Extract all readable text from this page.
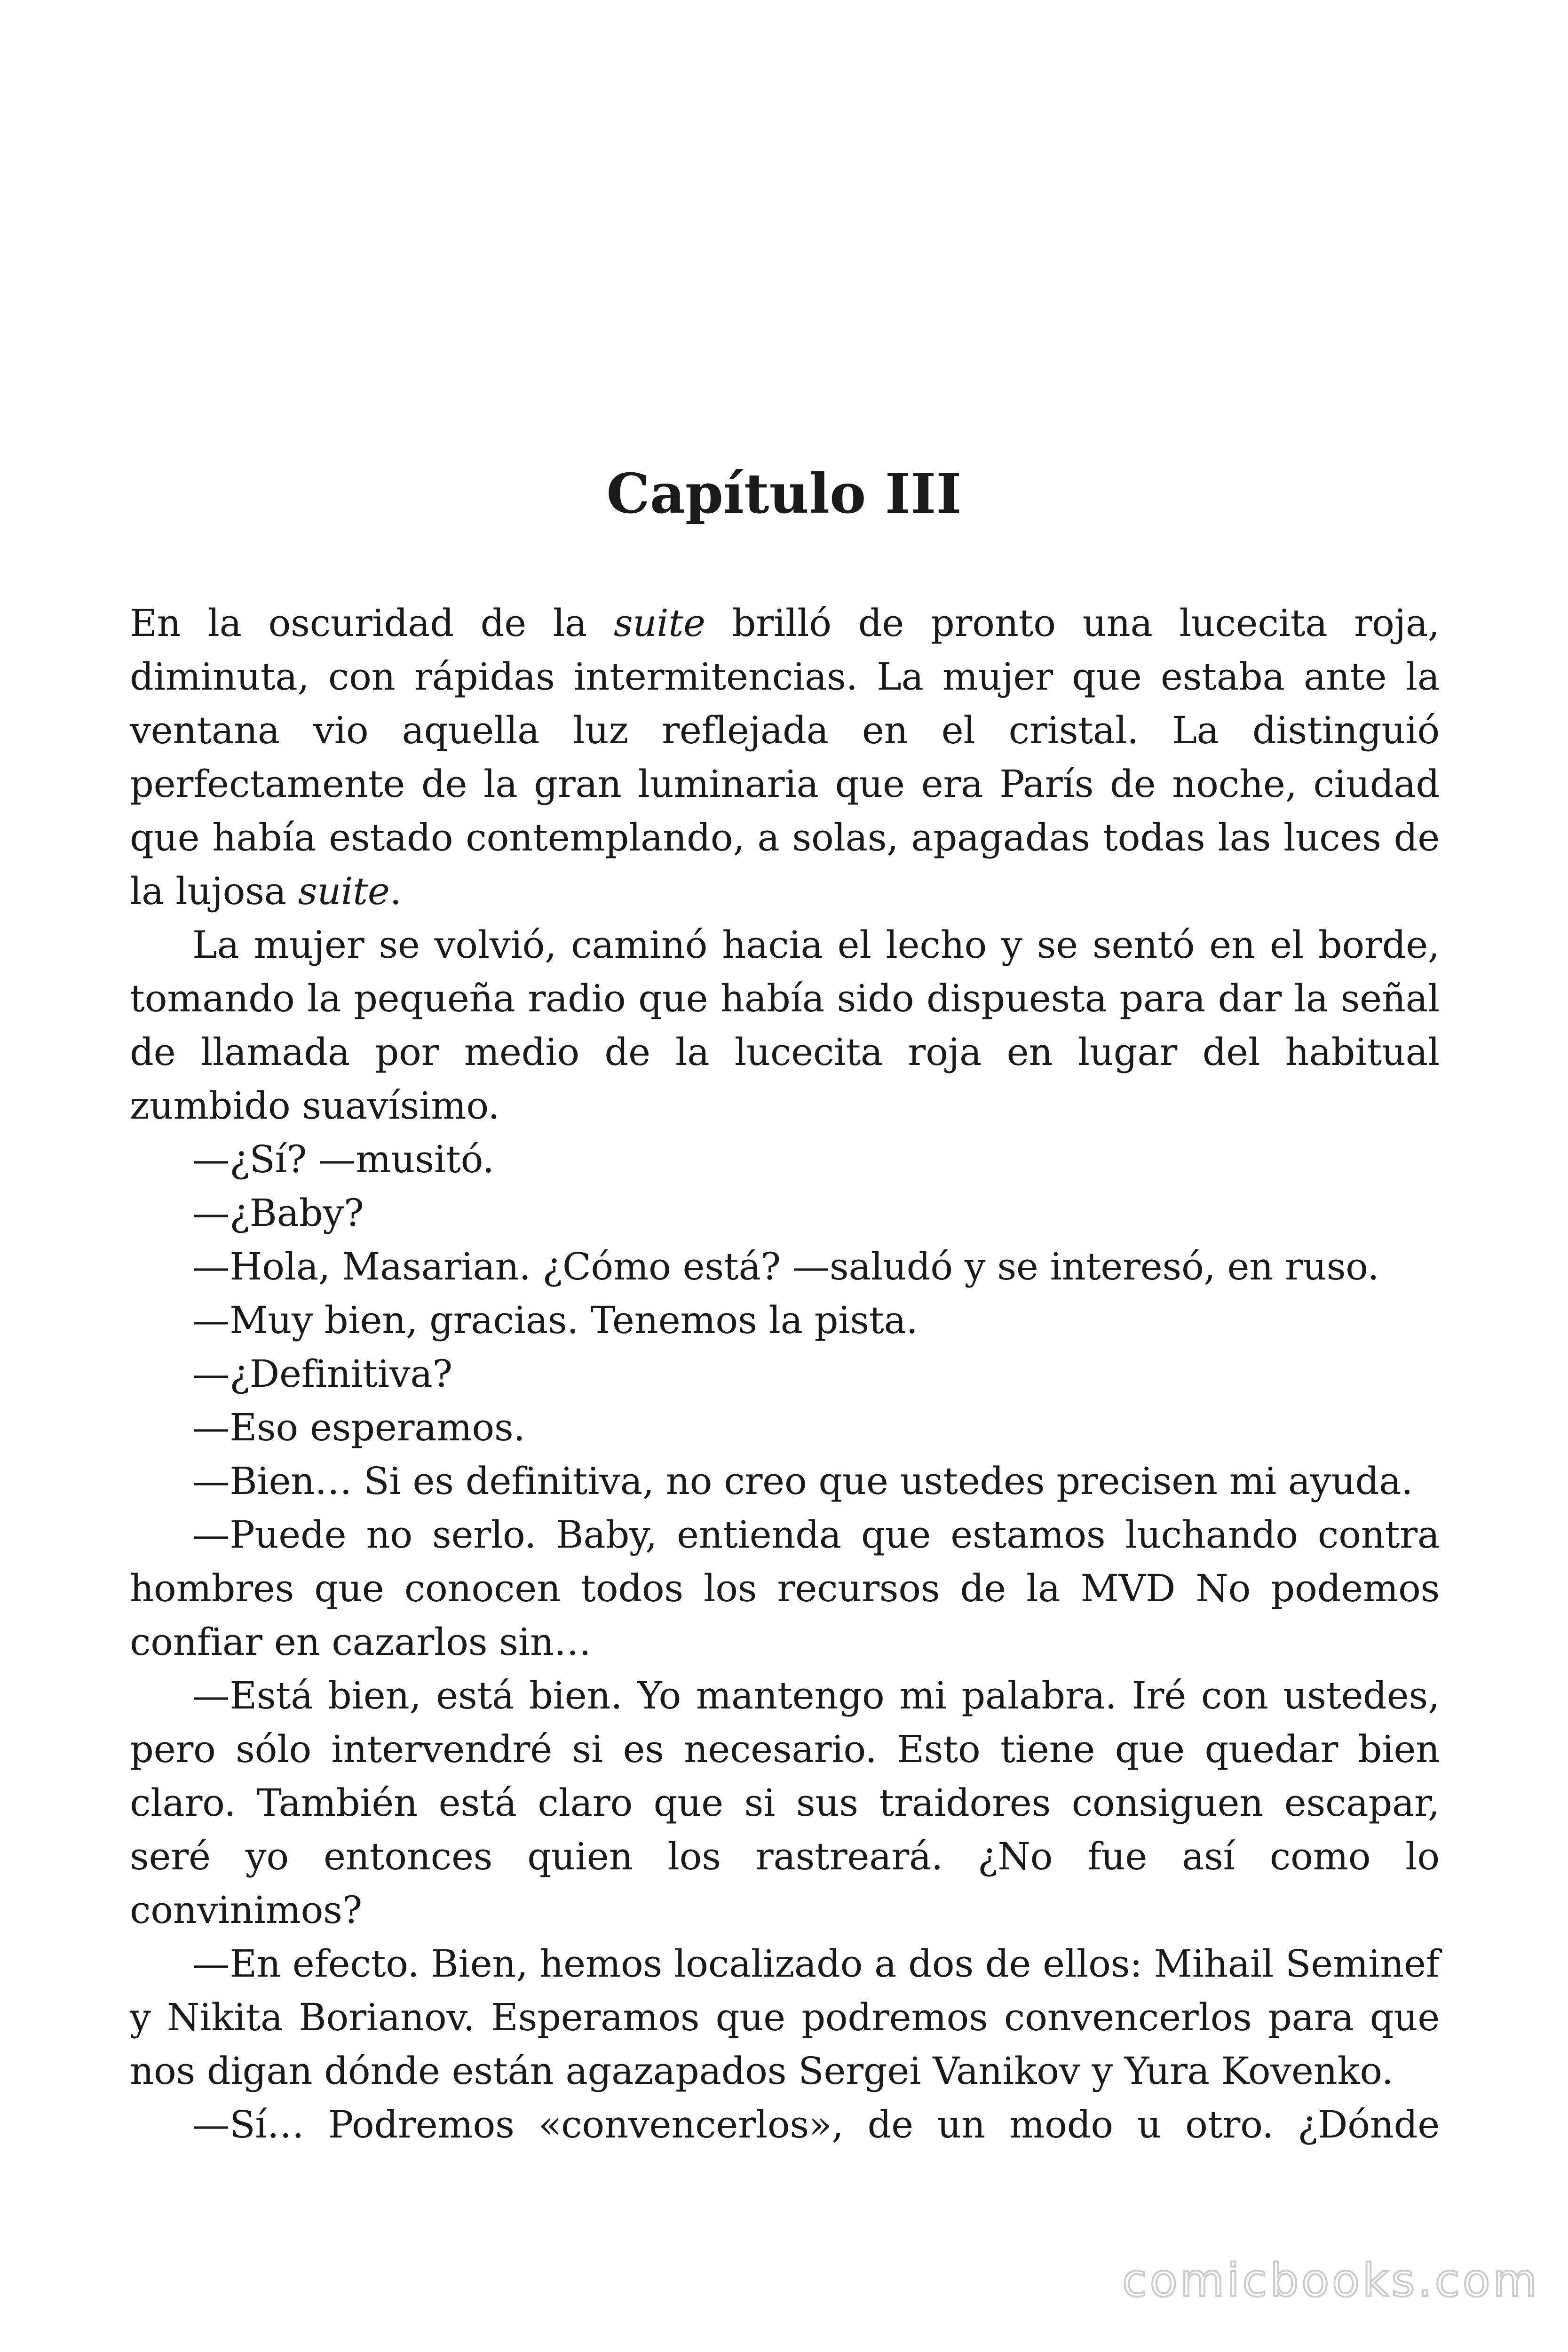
Capítulo III

En la oscuridad de la suite brilló de pronto una lucecita roja, diminuta, con rápidas intermitencias. La mujer que estaba ante la ventana vio aquella luz reflejada en el cristal. La distinguió perfectamente de la gran luminaria que era París de noche, ciudad que había estado contemplando, a solas, apagadas todas las luces de la lujosa suite.

La mujer se volvió, caminó hacia el lecho y se sentó en el borde, tomando la pequeña radio que había sido dispuesta para dar la señal de llamada por medio de la lucecita roja en lugar del habitual zumbido suavísimo.

—¿Sí? —musitó.

—¿Baby?

—Hola, Masarian. ¿Cómo está? —saludó y se interesó, en ruso.

—Muy bien, gracias. Tenemos la pista.

—¿Definitiva?

—Eso esperamos.

—Bien… Si es definitiva, no creo que ustedes precisen mi ayuda.

—Puede no serlo. Baby, entienda que estamos luchando contra hombres que conocen todos los recursos de la MVD No podemos confiar en cazarlos sin…

—Está bien, está bien. Yo mantengo mi palabra. Iré con ustedes, pero sólo intervendré si es necesario. Esto tiene que quedar bien claro. También está claro que si sus traidores consiguen escapar, seré yo entonces quien los rastreará. ¿No fue así como lo convinimos?

—En efecto. Bien, hemos localizado a dos de ellos: Mihail Seminef y Nikita Borianov. Esperamos que podremos convencerlos para que nos digan dónde están agazapados Sergei Vanikov y Yura Kovenko.

—Sí… Podremos «convencerlos», de un modo u otro. ¿Dónde

comicbooks.com
